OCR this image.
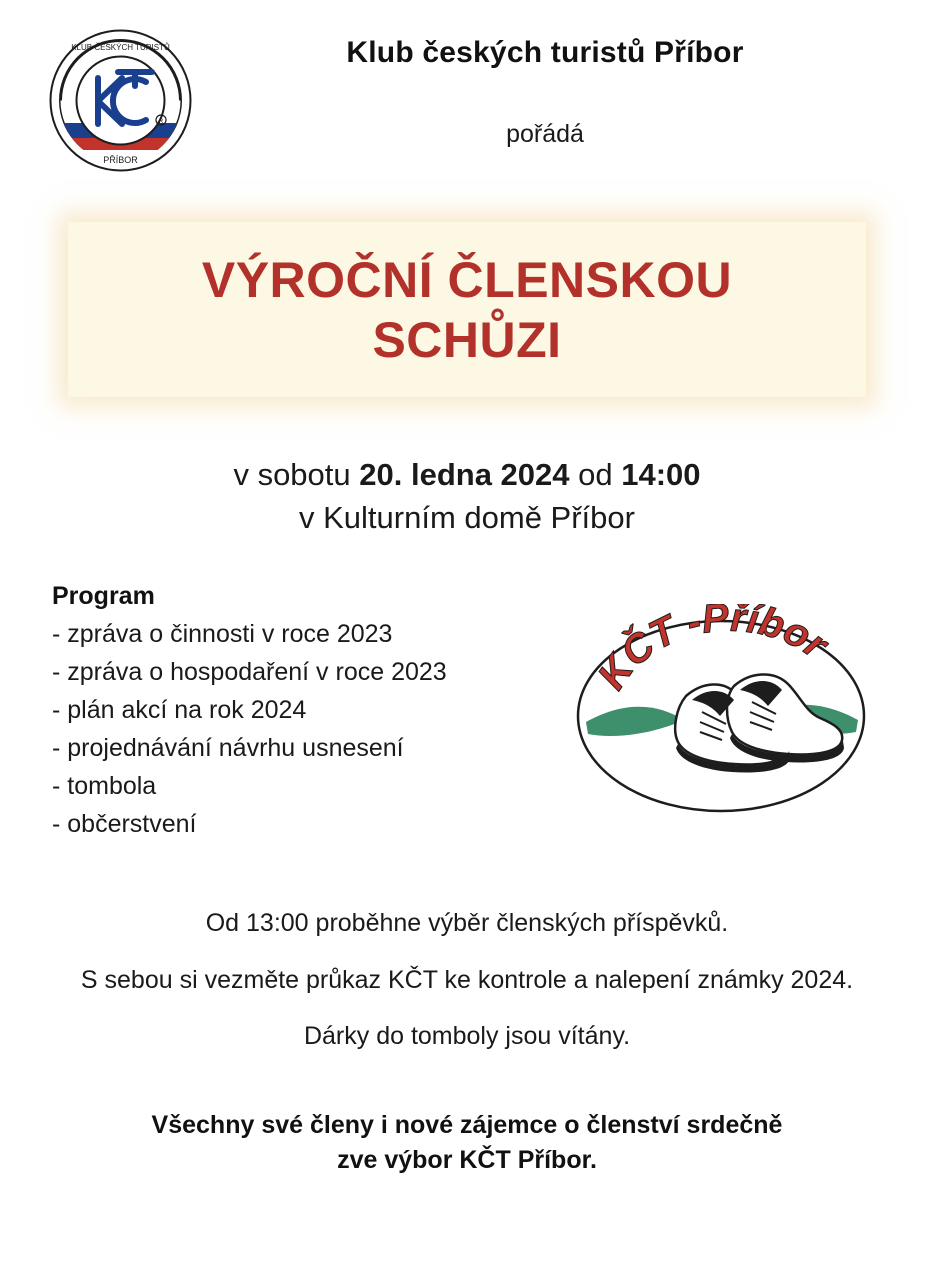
KLUB ČESKÝCH TURISTŮ
PŘÍBOR
R
Klub českých turistů Příbor
pořádá
VÝROČNÍ ČLENSKOU
SCHŮZI
v sobotu 20. ledna 2024 od 14:00
v Kulturním domě Příbor
Program
- zpráva o činnosti v roce 2023
- zpráva o hospodaření v roce 2023
- plán akcí na rok 2024
- projednávání návrhu usnesení
- tombola
- občerstvení
KČT -Příbor

Od 13:00 proběhne výběr členských příspěvků.

S sebou si vezměte průkaz KČT ke kontrole a nalepení známky 2024.

Dárky do tomboly jsou vítány.

Všechny své členy i nové zájemce o členství srdečně
zve výbor KČT Příbor.
